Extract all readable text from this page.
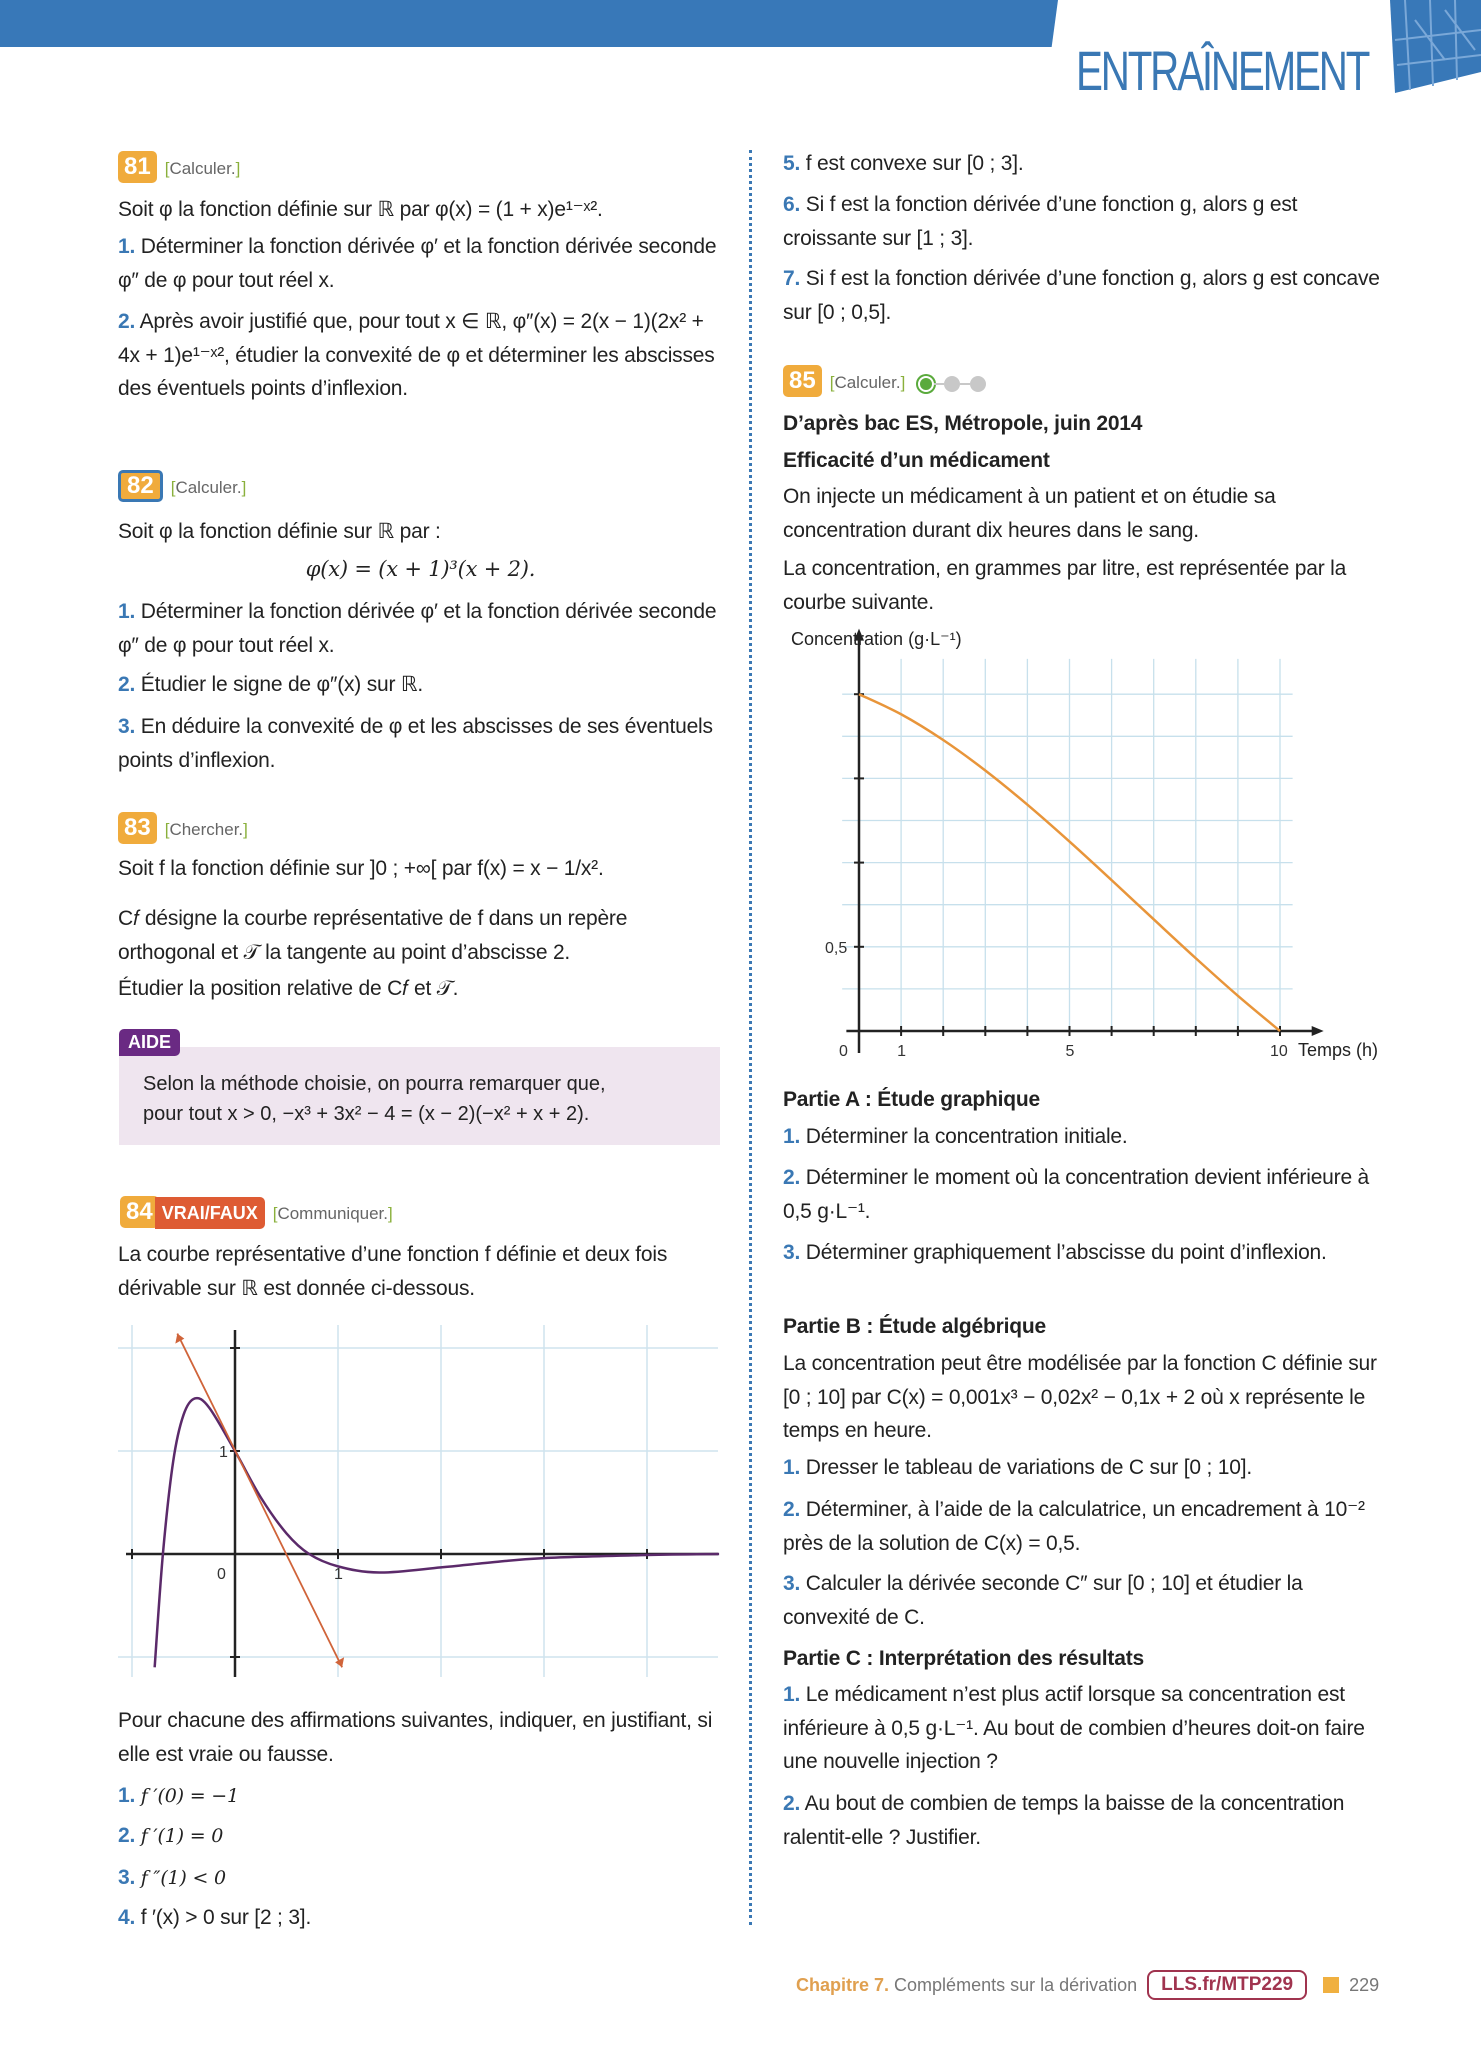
ENTRAÎNEMENT
81 [Calculer.]
Soit φ la fonction définie sur ℝ par φ(x) = (1 + x)e¹⁻ˣ².
1. Déterminer la fonction dérivée φ′ et la fonction dérivée seconde φ″ de φ pour tout réel x.
2. Après avoir justifié que, pour tout x ∈ ℝ, φ″(x) = 2(x − 1)(2x² + 4x + 1)e¹⁻ˣ², étudier la convexité de φ et déterminer les abscisses des éventuels points d’inflexion.
82 [Calculer.]
Soit φ la fonction définie sur ℝ par :
φ(x) = (x + 1)³(x + 2).
1. Déterminer la fonction dérivée φ′ et la fonction dérivée seconde φ″ de φ pour tout réel x.
2. Étudier le signe de φ″(x) sur ℝ.
3. En déduire la convexité de φ et les abscisses de ses éventuels points d’inflexion.
83 [Chercher.]
Soit f la fonction définie sur ]0 ; +∞[ par f(x) = x − 1/x².
C𝑓 désigne la courbe représentative de f dans un repère orthogonal et 𝒯 la tangente au point d’abscisse 2.
Étudier la position relative de C𝑓 et 𝒯.
Selon la méthode choisie, on pourra remarquer que,
pour tout x > 0, −x³ + 3x² − 4 = (x − 2)(−x² + x + 2).
AIDE
84 VRAI/FAUX [Communiquer.]
La courbe représentative d’une fonction f définie et deux fois dérivable sur ℝ est donnée ci-dessous.
1
1
0
Pour chacune des affirmations suivantes, indiquer, en justifiant, si elle est vraie ou fausse.
1. f ′(0) = −1
2. f ′(1) = 0
3. f ″(1) < 0
4. f ′(x) > 0 sur [2 ; 3].
5. f est convexe sur [0 ; 3].
6. Si f est la fonction dérivée d’une fonction g, alors g est croissante sur [1 ; 3].
7. Si f est la fonction dérivée d’une fonction g, alors g est concave sur [0 ; 0,5].
85 [Calculer.]
D’après bac ES, Métropole, juin 2014
Efficacité d’un médicament
On injecte un médicament à un patient et on étudie sa concentration durant dix heures dans le sang.
La concentration, en grammes par litre, est représentée par la courbe suivante.
0	1	5	10 Temps (h)
0,5
Concentration (g·L⁻¹)
Partie A : Étude graphique
1. Déterminer la concentration initiale.
2. Déterminer le moment où la concentration devient inférieure à 0,5 g·L⁻¹.
3. Déterminer graphiquement l’abscisse du point d’inflexion.
Partie B : Étude algébrique
La concentration peut être modélisée par la fonction C définie sur [0 ; 10] par C(x) = 0,001x³ − 0,02x² − 0,1x + 2 où x représente le temps en heure.
1. Dresser le tableau de variations de C sur [0 ; 10].
2. Déterminer, à l’aide de la calculatrice, un encadrement à 10⁻² près de la solution de C(x) = 0,5.
3. Calculer la dérivée seconde C″ sur [0 ; 10] et étudier la convexité de C.
Partie C : Interprétation des résultats
1. Le médicament n’est plus actif lorsque sa concentration est inférieure à 0,5 g·L⁻¹. Au bout de combien d’heures doit-on faire une nouvelle injection ?
2. Au bout de combien de temps la baisse de la concentration ralentit-elle ? Justifier.
Chapitre 7. Compléments sur la dérivation	LLS.fr/MTP229	229
